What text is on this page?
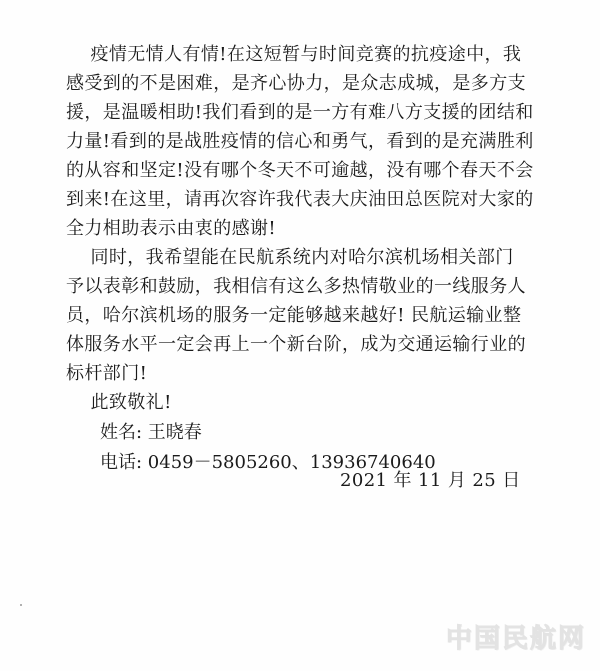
疫情无情人有情!在这短暂与时间竞赛的抗疫途中，我
感受到的不是困难，是齐心协力，是众志成城，是多方支
援，是温暖相助!我们看到的是一方有难八方支援的团结和
力量!看到的是战胜疫情的信心和勇气，看到的是充满胜利
的从容和坚定!没有哪个冬天不可逾越，没有哪个春天不会
到来!在这里，请再次容许我代表大庆油田总医院对大家的
全力相助表示由衷的感谢!
同时，我希望能在民航系统内对哈尔滨机场相关部门
予以表彰和鼓励，我相信有这么多热情敬业的一线服务人
员，哈尔滨机场的服务一定能够越来越好! 民航运输业整
体服务水平一定会再上一个新台阶，成为交通运输行业的
标杆部门!
此致敬礼!
姓名: 王晓春
电话: 0459－5805260、13936740640
2021 年 11 月 25 日
中国民航网
